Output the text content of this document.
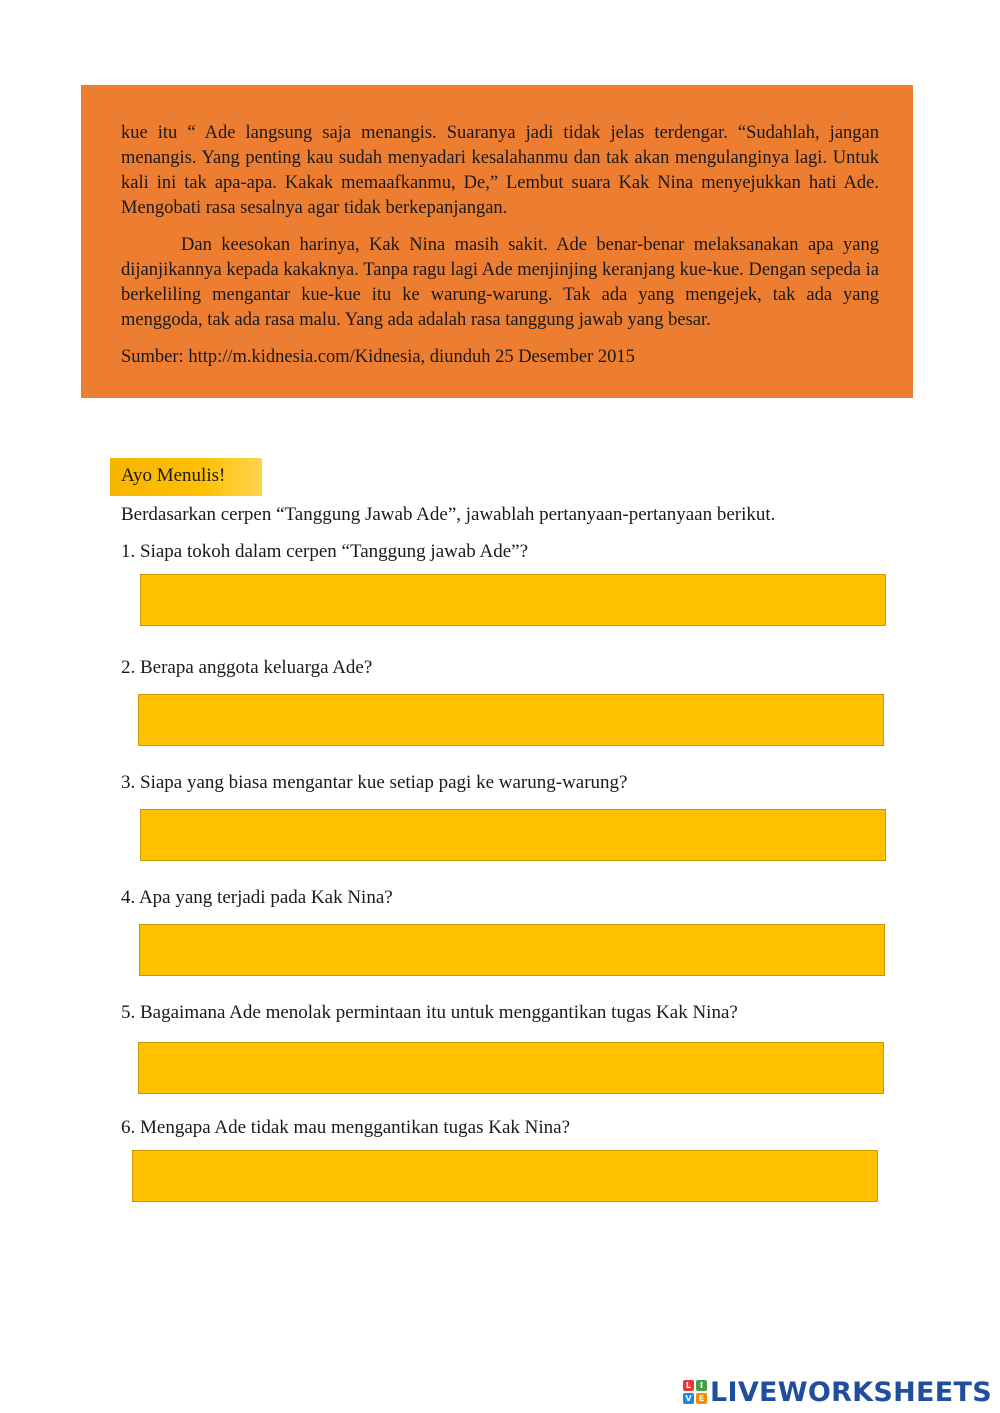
kue itu “ Ade langsung saja menangis. Suaranya jadi tidak jelas terdengar. “Sudahlah, jangan menangis. Yang penting kau sudah menyadari kesalahanmu dan tak akan mengulanginya lagi. Untuk kali ini tak apa-apa. Kakak memaafkanmu, De,” Lembut suara Kak Nina menyejukkan hati Ade. Mengobati rasa sesalnya agar tidak berkepanjangan.

Dan keesokan harinya, Kak Nina masih sakit. Ade benar-benar melaksanakan apa yang dijanjikannya kepada kakaknya. Tanpa ragu lagi Ade menjinjing keranjang kue-kue. Dengan sepeda ia berkeliling mengantar kue-kue itu ke warung-warung. Tak ada yang mengejek, tak ada yang menggoda, tak ada rasa malu. Yang ada adalah rasa tanggung jawab yang besar.

Sumber: http://m.kidnesia.com/Kidnesia, diunduh 25 Desember 2015

Ayo Menulis!
Berdasarkan cerpen “Tanggung Jawab Ade”, jawablah pertanyaan-pertanyaan berikut.
1. Siapa tokoh dalam cerpen “Tanggung jawab Ade”?
2. Berapa anggota keluarga Ade?
3. Siapa yang biasa mengantar kue setiap pagi ke warung-warung?
4. Apa yang terjadi pada Kak Nina?
5. Bagaimana Ade menolak permintaan itu untuk menggantikan tugas Kak Nina?
6. Mengapa Ade tidak mau menggantikan tugas Kak Nina?
L	I
V E LIVEWORKSHEETS
